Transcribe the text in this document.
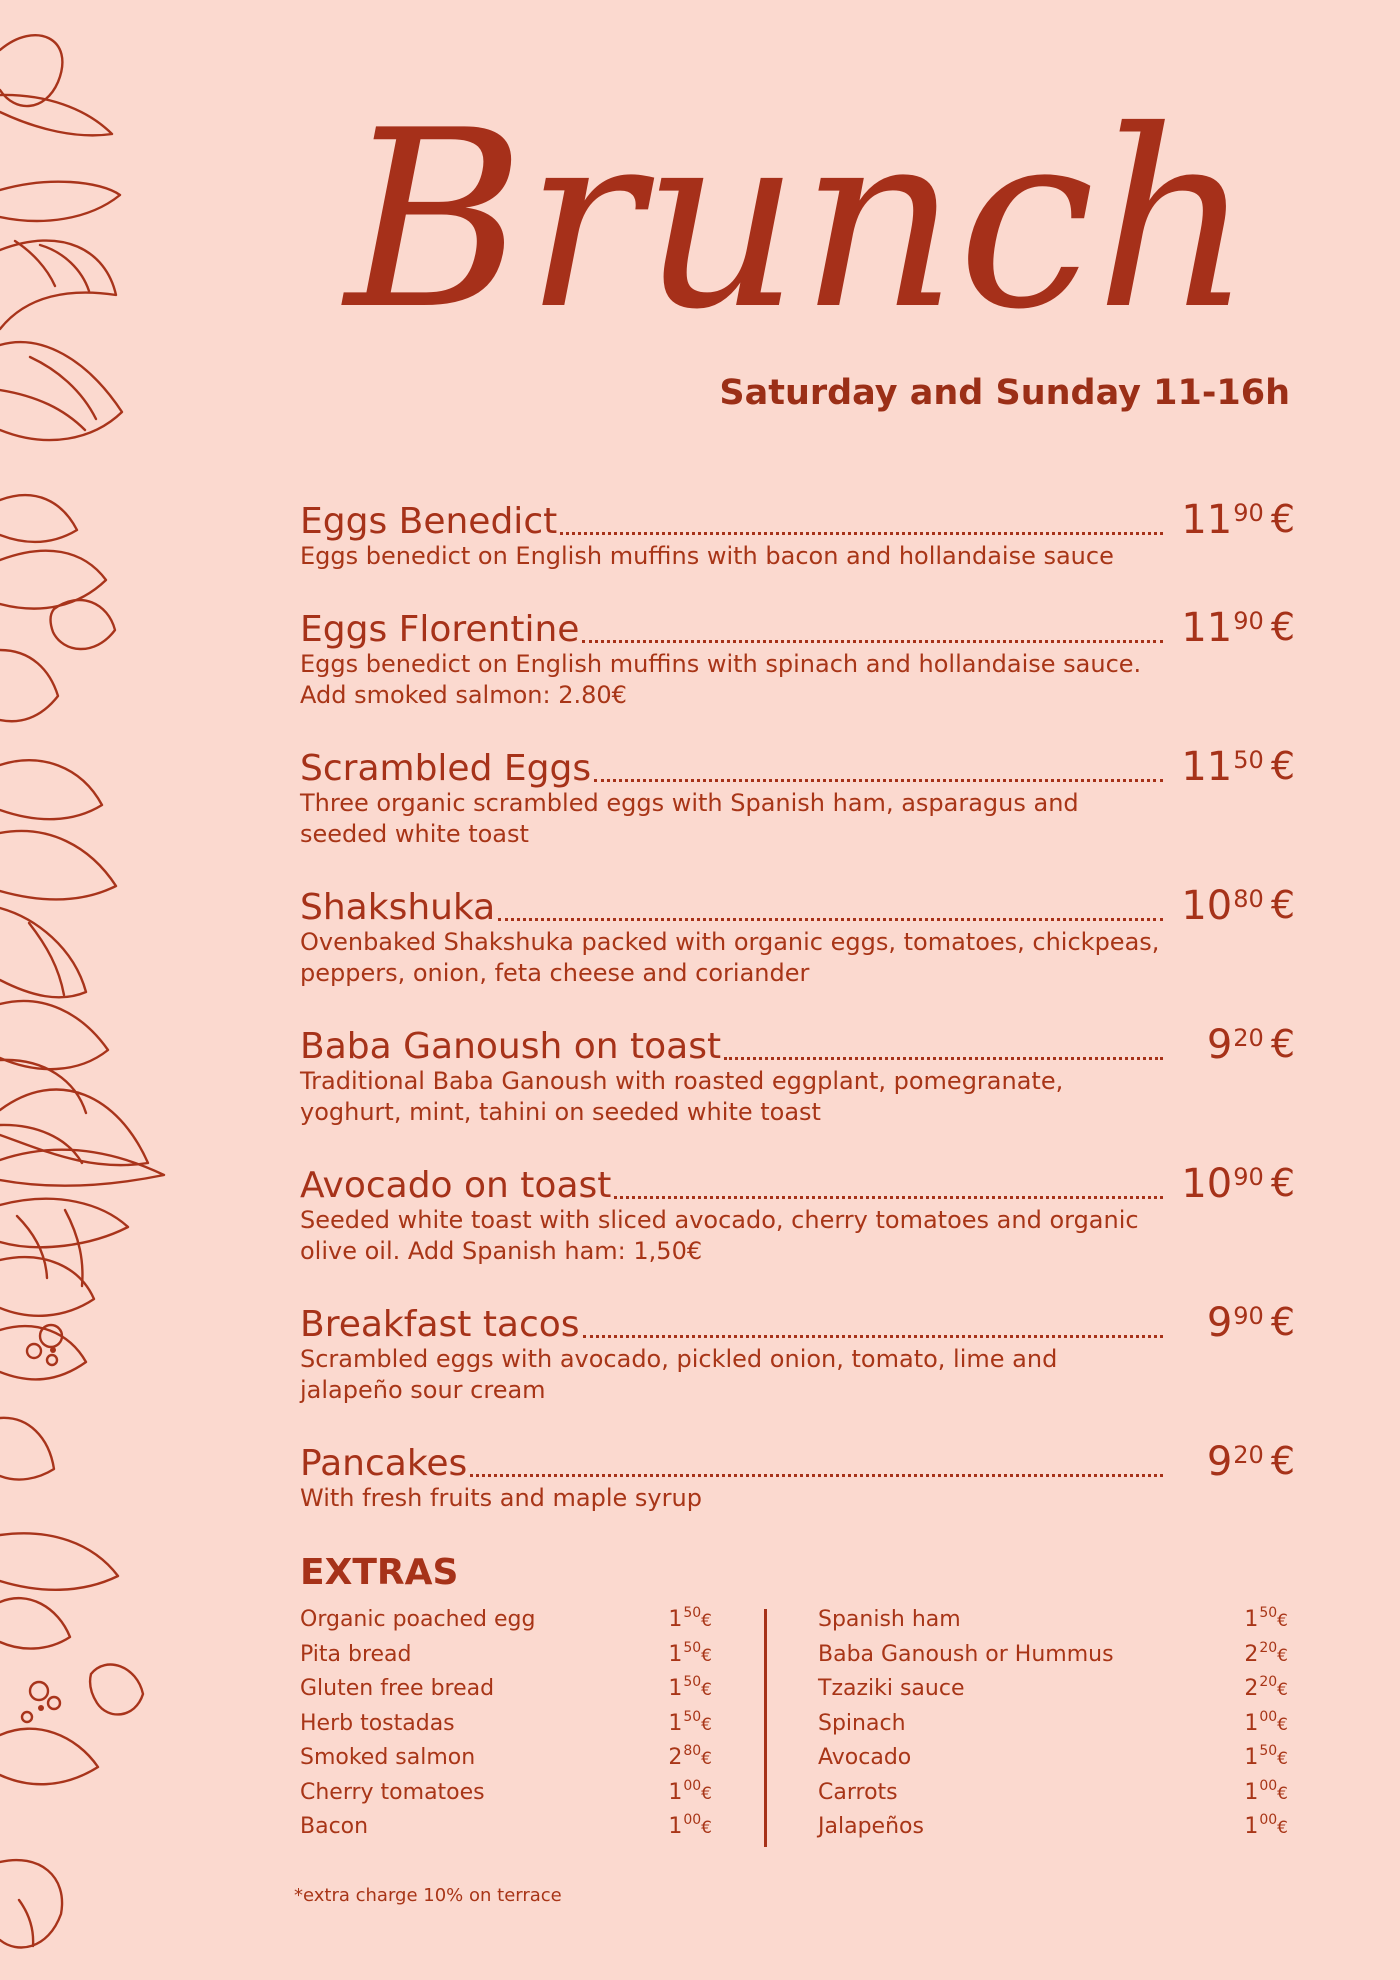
Brunch
Saturday and Sunday 11-16h
Eggs Benedict	11 90 €
Eggs benedict on English muffins with bacon and hollandaise sauce
Eggs Florentine	11 90 €
Eggs benedict on English muffins with spinach and hollandaise sauce. Add smoked salmon: 2.80€
Scrambled Eggs	11 50 €
Three organic scrambled eggs with Spanish ham, asparagus and seeded white toast
Shakshuka	10 80 €
Ovenbaked Shakshuka packed with organic eggs, tomatoes, chickpeas, peppers, onion, feta cheese and coriander
Baba Ganoush on toast	9 20 €
Traditional Baba Ganoush with roasted eggplant, pomegranate, yoghurt, mint, tahini on seeded white toast
Avocado on toast	10 90 €
Seeded white toast with sliced avocado, cherry tomatoes and organic olive oil. Add Spanish ham: 1,50€
Breakfast tacos	9 90 €
Scrambled eggs with avocado, pickled onion, tomato, lime and jalapeño sour cream
Pancakes	9 20 €
With fresh fruits and maple syrup
EXTRAS
Organic poached egg	$1^{50}€$
Pita bread	$1^{50}€$
Gluten free bread	$1^{50}€$
Herb tostadas	$1^{50}€$
Smoked salmon	$2^{80}€$
Cherry tomatoes	$1^{00}€$
Bacon	$1^{00}€$
Spanish ham	$1^{50}€$
Baba Ganoush or Hummus	$2^{20}€$
Tzaziki sauce	$2^{20}€$
Spinach	$1^{00}€$
Avocado	$1^{50}€$
Carrots	$1^{00}€$
Jalapeños	$1^{00}€$
*extra charge 10% on terrace
